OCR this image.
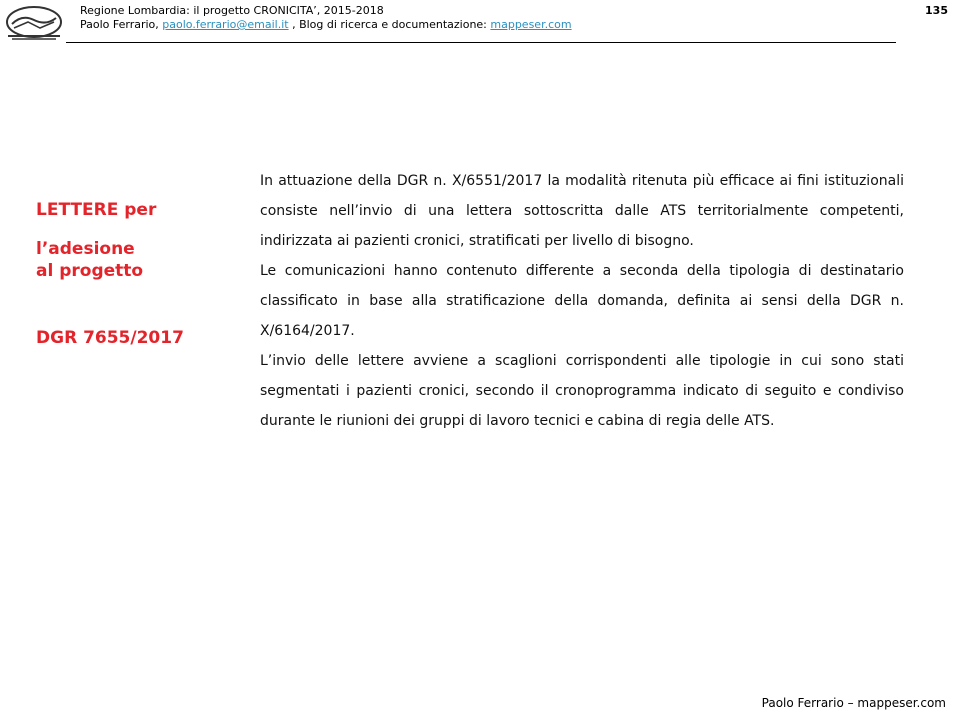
Regione Lombardia: il progetto CRONICITA’, 2015-2018
Paolo Ferrario, paolo.ferrario@email.it , Blog di ricerca e documentazione: mappeser.com
135
LETTERE per
l’adesione
al progetto
DGR 7655/2017

In attuazione della DGR n. X/6551/2017 la modalità ritenuta più efficace ai fini istituzionali consiste nell’invio di una lettera sottoscritta dalle ATS territorialmente competenti, indirizzata ai pazienti cronici, stratificati per livello di bisogno.

Le comunicazioni hanno contenuto differente a seconda della tipologia di destinatario classificato in base alla stratificazione della domanda, definita ai sensi della DGR n. X/6164/2017.

L’invio delle lettere avviene a scaglioni corrispondenti alle tipologie in cui sono stati segmentati i pazienti cronici, secondo il cronoprogramma indicato di seguito e condiviso durante le riunioni dei gruppi di lavoro tecnici e cabina di regia delle ATS.

Paolo Ferrario – mappeser.com
